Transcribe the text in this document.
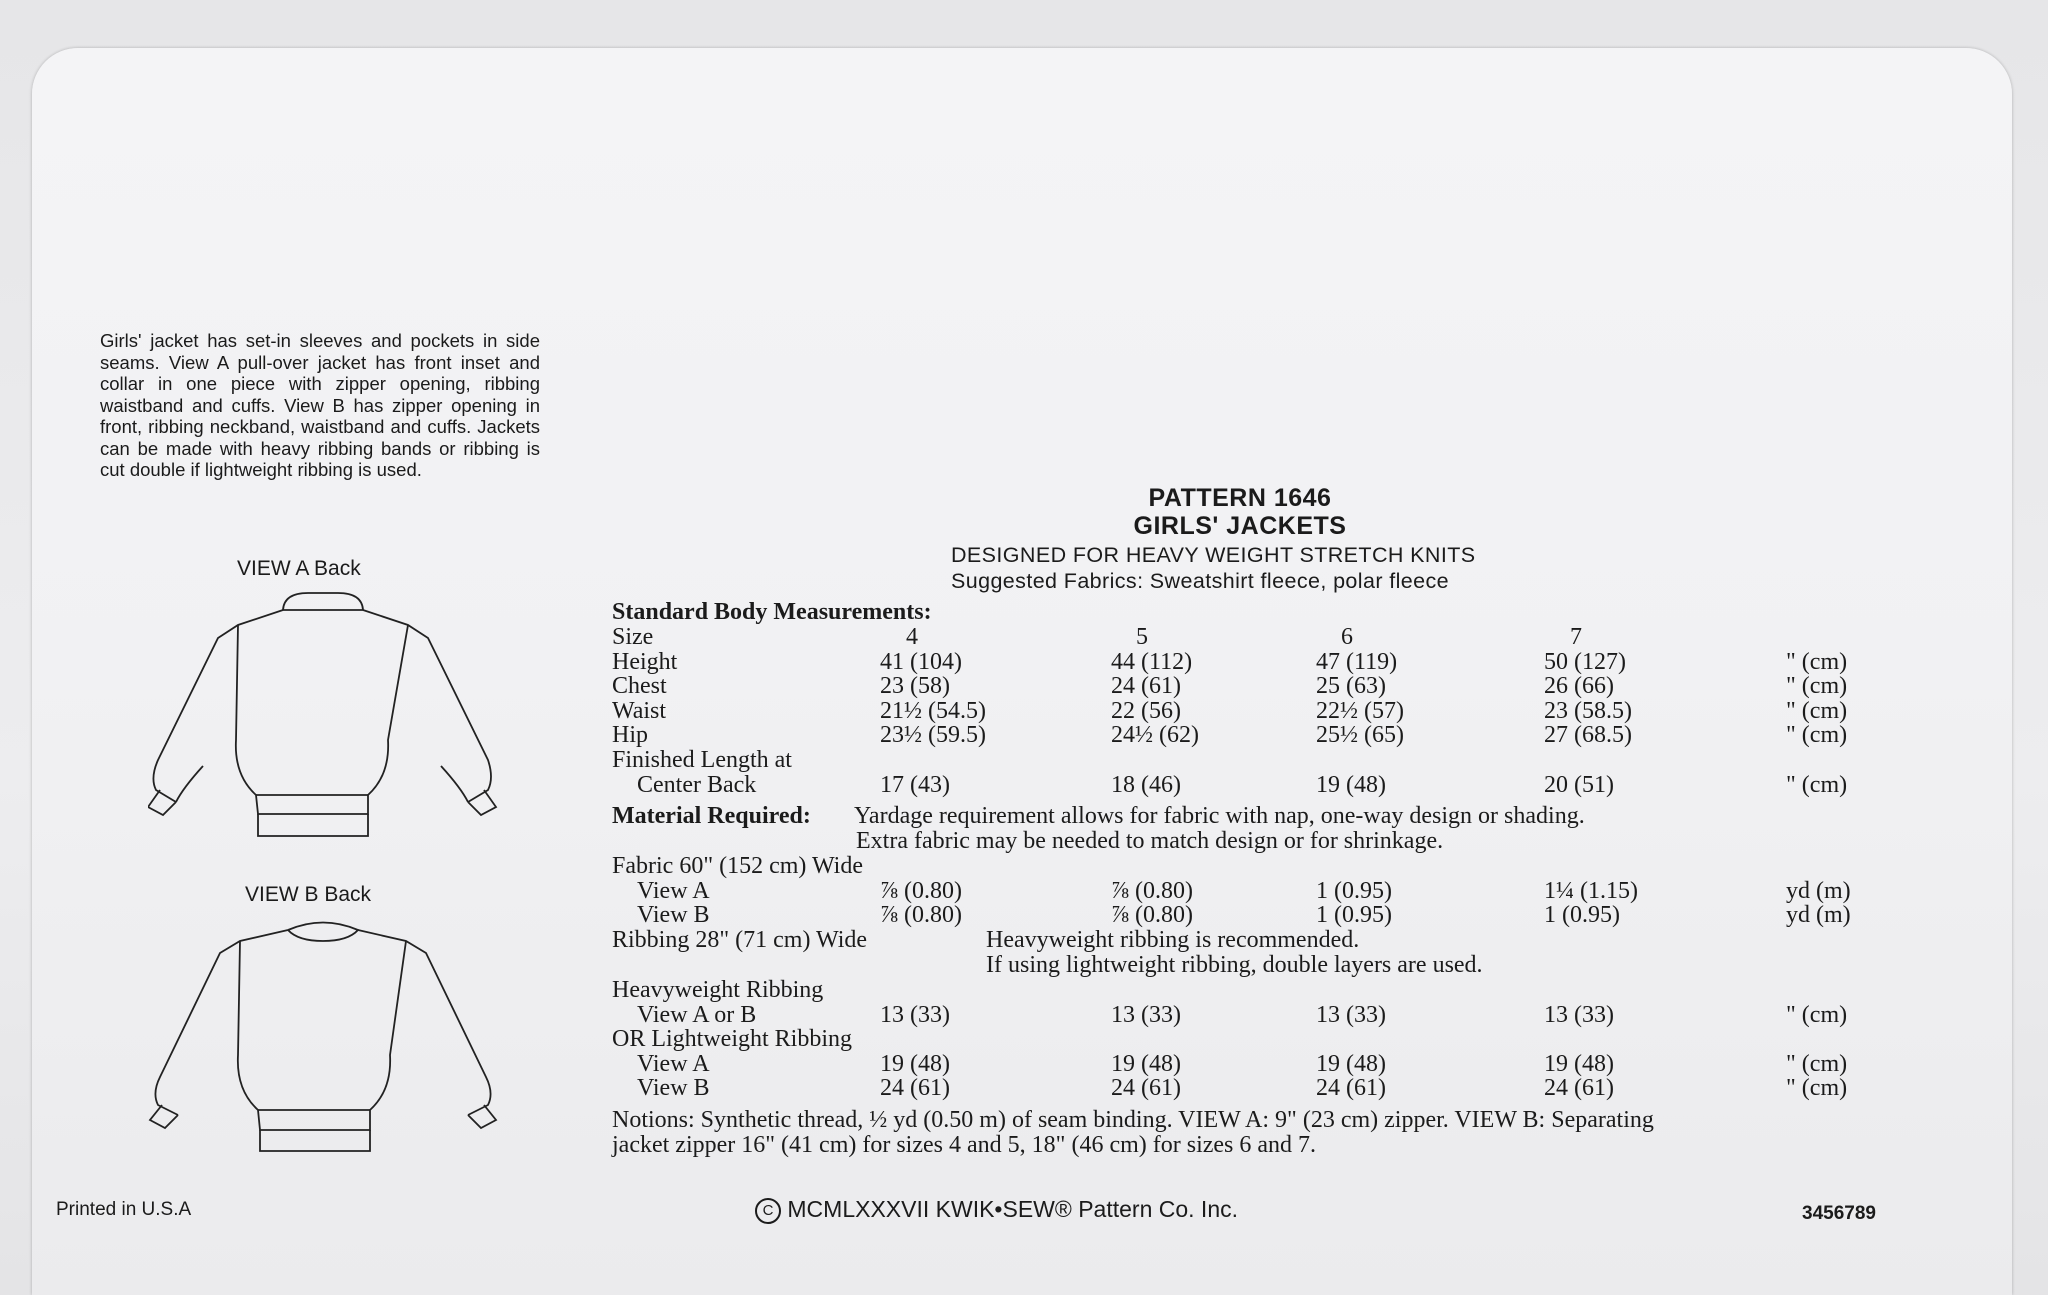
Girls' jacket has set-in sleeves and pockets in side seams. View A pull-over jacket has front inset and collar in one piece with zipper opening, ribbing waistband and cuffs. View B has zipper opening in front, ribbing neckband, waistband and cuffs. Jackets can be made with heavy ribbing bands or ribbing is cut double if lightweight ribbing is used.
VIEW A Back
VIEW B Back
PATTERN 1646
GIRLS' JACKETS
DESIGNED FOR HEAVY WEIGHT STRETCH KNITS
Suggested Fabrics: Sweatshirt fleece, polar fleece
Standard Body Measurements:
Size	4	5	6	7
Height	41 (104)	44 (112)	47 (119)	50 (127)	" (cm)
Chest	23 (58)	24 (61)	25 (63)	26 (66)	" (cm)
Waist	21½ (54.5)	22 (56)	22½ (57)	23 (58.5)	" (cm)
Hip	23½ (59.5)	24½ (62)	25½ (65)	27 (68.5)	" (cm)
Finished Length at
Center Back	17 (43)	18 (46)	19 (48)	20 (51)	" (cm)
Material Required: Yardage requirement allows for fabric with nap, one-way design or shading.
Extra fabric may be needed to match design or for shrinkage.
Fabric 60" (152 cm) Wide
View A	⅞ (0.80)	⅞ (0.80)	1 (0.95)	1¼ (1.15)	yd (m)
View B	⅞ (0.80)	⅞ (0.80)	1 (0.95)	1 (0.95)	yd (m)
Ribbing 28" (71 cm) Wide	Heavyweight ribbing is recommended.
If using lightweight ribbing, double layers are used.
Heavyweight Ribbing
View A or B	13 (33)	13 (33)	13 (33)	13 (33)	" (cm)
OR Lightweight Ribbing
View A	19 (48)	19 (48)	19 (48)	19 (48)	" (cm)
View B	24 (61)	24 (61)	24 (61)	24 (61)	" (cm)
Notions: Synthetic thread, ½ yd (0.50 m) of seam binding. VIEW A: 9" (23 cm) zipper. VIEW B: Separating
jacket zipper 16" (41 cm) for sizes 4 and 5, 18" (46 cm) for sizes 6 and 7.
Printed in U.S.A	C MCMLXXXVII KWIK•SEW® Pattern Co. Inc.	3456789
